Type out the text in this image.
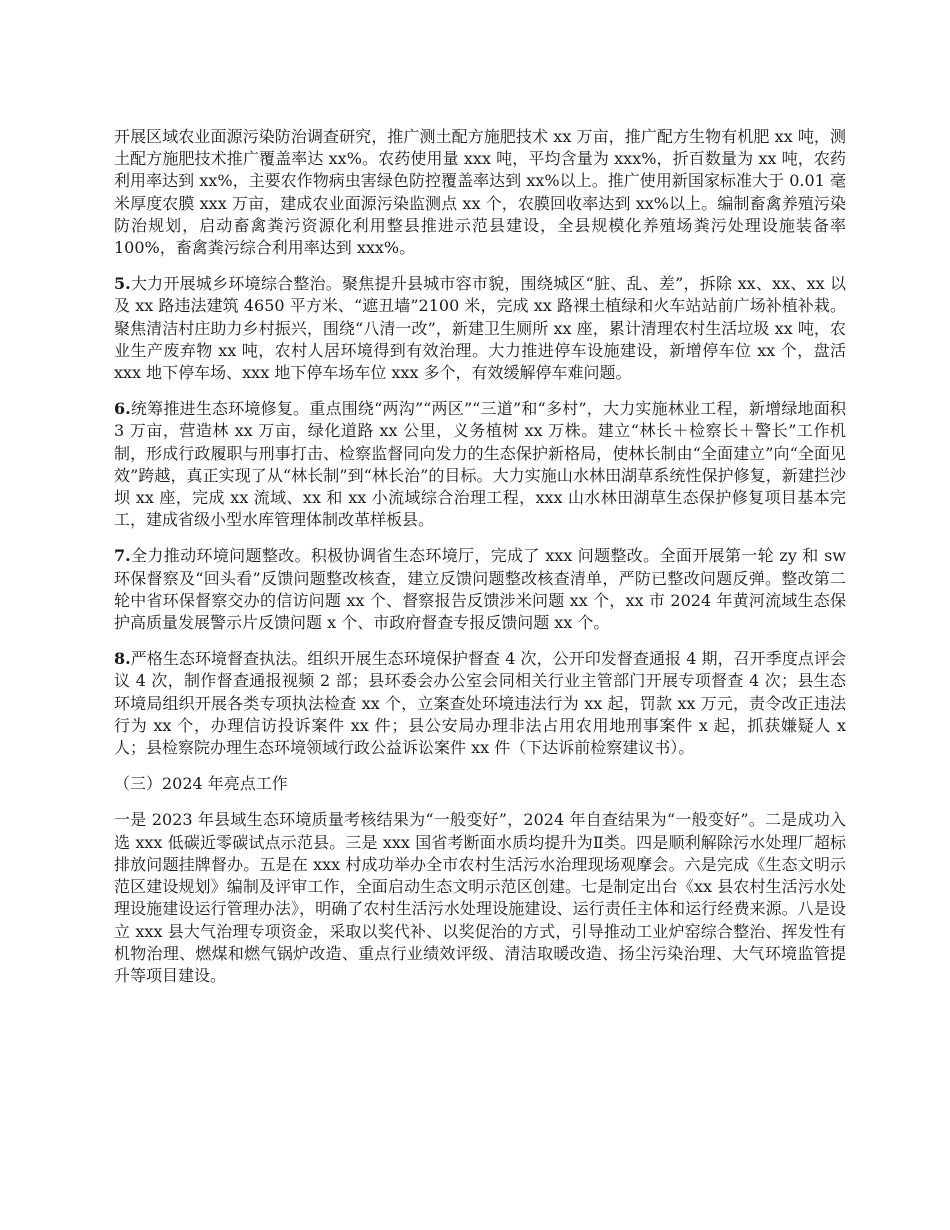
开展区域农业面源污染防治调查研究，推广测土配方施肥技术 xx 万亩，推广配方生物有机肥 xx 吨，测土配方施肥技术推广覆盖率达 xx%。农药使用量 xxx 吨，平均含量为 xxx%，折百数量为 xx 吨，农药利用率达到 xx%，主要农作物病虫害绿色防控覆盖率达到 xx%以上。推广使用新国家标准大于 0.01 毫米厚度农膜 xxx 万亩，建成农业面源污染监测点 xx 个，农膜回收率达到 xx%以上。编制畜禽养殖污染防治规划，启动畜禽粪污资源化利用整县推进示范县建设，全县规模化养殖场粪污处理设施装备率 100%，畜禽粪污综合利用率达到 xxx%。

5.大力开展城乡环境综合整治。聚焦提升县城市容市貌，围绕城区“脏、乱、差”，拆除 xx、xx、xx 以及 xx 路违法建筑 4650 平方米、“遮丑墙”2100 米，完成 xx 路裸土植绿和火车站站前广场补植补栽。聚焦清洁村庄助力乡村振兴，围绕“八清一改”，新建卫生厕所 xx 座，累计清理农村生活垃圾 xx 吨，农业生产废弃物 xx 吨，农村人居环境得到有效治理。大力推进停车设施建设，新增停车位 xx 个，盘活 xxx 地下停车场、xxx 地下停车场车位 xxx 多个，有效缓解停车难问题。

6.统筹推进生态环境修复。重点围绕“两沟”“两区”“三道”和“多村”，大力实施林业工程，新增绿地面积 3 万亩，营造林 xx 万亩，绿化道路 xx 公里，义务植树 xx 万株。建立“林长＋检察长＋警长”工作机制，形成行政履职与刑事打击、检察监督同向发力的生态保护新格局，使林长制由“全面建立”向“全面见效”跨越，真正实现了从“林长制”到“林长治”的目标。大力实施山水林田湖草系统性保护修复，新建拦沙坝 xx 座，完成 xx 流域、xx 和 xx 小流域综合治理工程，xxx 山水林田湖草生态保护修复项目基本完工，建成省级小型水库管理体制改革样板县。

7.全力推动环境问题整改。积极协调省生态环境厅，完成了 xxx 问题整改。全面开展第一轮 zy 和 sw 环保督察及“回头看”反馈问题整改核查，建立反馈问题整改核查清单，严防已整改问题反弹。整改第二轮中省环保督察交办的信访问题 xx 个、督察报告反馈涉米问题 xx 个，xx 市 2024 年黄河流域生态保护高质量发展警示片反馈问题 x 个、市政府督查专报反馈问题 xx 个。

8.严格生态环境督查执法。组织开展生态环境保护督查 4 次，公开印发督查通报 4 期，召开季度点评会议 4 次，制作督查通报视频 2 部；县环委会办公室会同相关行业主管部门开展专项督查 4 次；县生态环境局组织开展各类专项执法检查 xx 个，立案查处环境违法行为 xx 起，罚款 xx 万元，责令改正违法行为 xx 个，办理信访投诉案件 xx 件；县公安局办理非法占用农用地刑事案件 x 起，抓获嫌疑人 x 人；县检察院办理生态环境领域行政公益诉讼案件 xx 件（下达诉前检察建议书）。

（三）2024 年亮点工作

一是 2023 年县域生态环境质量考核结果为“一般变好”，2024 年自查结果为“一般变好”。二是成功入选 xxx 低碳近零碳试点示范县。三是 xxx 国省考断面水质均提升为Ⅱ类。四是顺利解除污水处理厂超标排放问题挂牌督办。五是在 xxx 村成功举办全市农村生活污水治理现场观摩会。六是完成《生态文明示范区建设规划》编制及评审工作，全面启动生态文明示范区创建。七是制定出台《xx 县农村生活污水处理设施建设运行管理办法》，明确了农村生活污水处理设施建设、运行责任主体和运行经费来源。八是设立 xxx 县大气治理专项资金，采取以奖代补、以奖促治的方式，引导推动工业炉窑综合整治、挥发性有机物治理、燃煤和燃气锅炉改造、重点行业绩效评级、清洁取暖改造、扬尘污染治理、大气环境监管提升等项目建设。
